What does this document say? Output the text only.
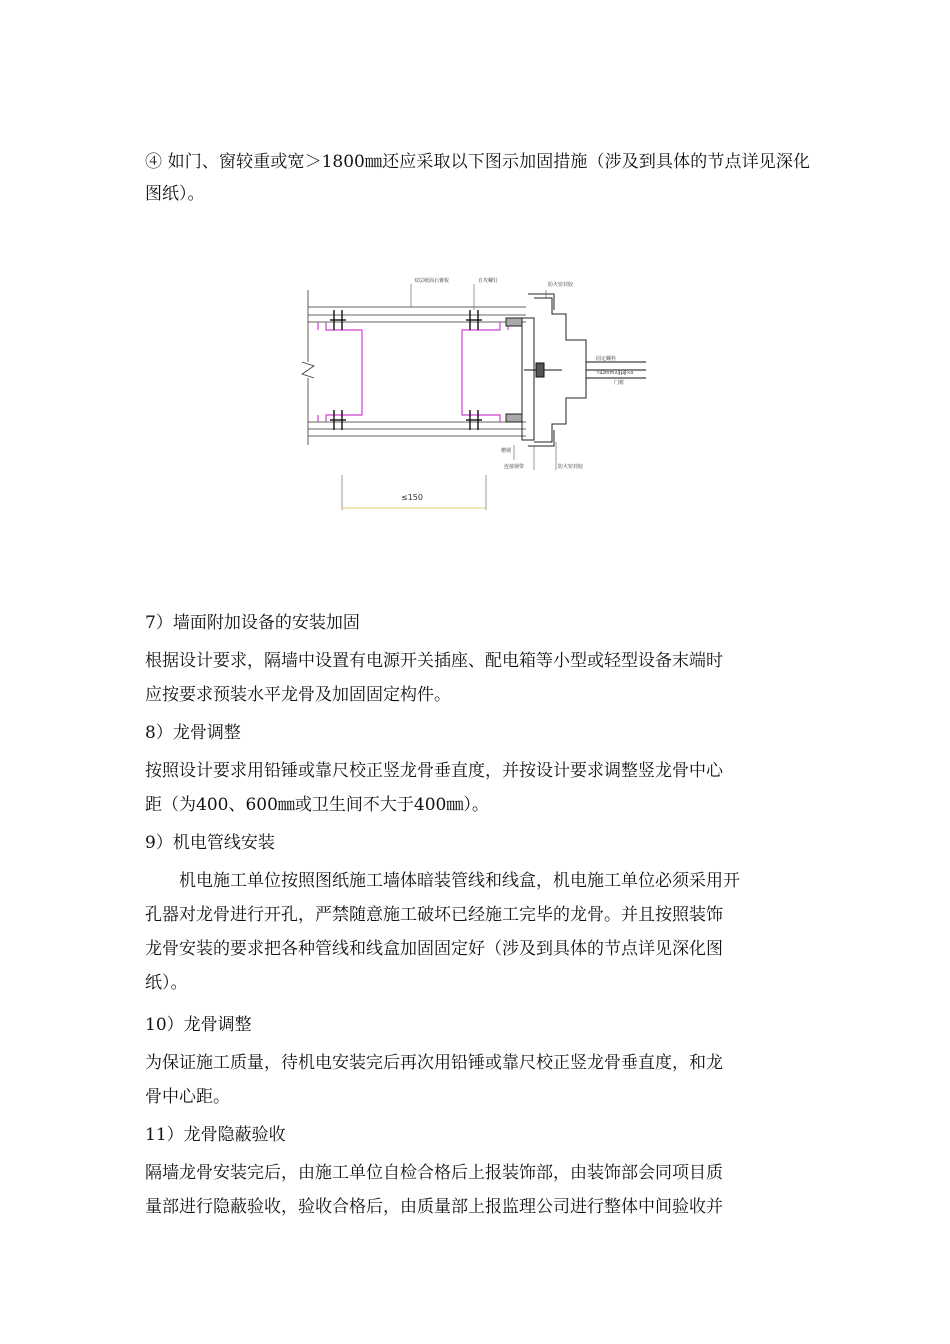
④ 如门、窗较重或宽＞1800㎜还应采取以下图示加固措施（涉及到具体的节点详见深化图纸）。

双层纸面石膏板	自攻螺钉
防火密封胶
固定螺栓
¼Ωmm∧∦μ∦∞ö
门框
槽钢
连接钢带	防火密封胶
≤150

7）墙面附加设备的安装加固

根据设计要求，隔墙中设置有电源开关插座、配电箱等小型或轻型设备末端时
应按要求预装水平龙骨及加固固定构件。

8）龙骨调整

按照设计要求用铅锤或靠尺校正竖龙骨垂直度，并按设计要求调整竖龙骨中心
距（为400、600㎜或卫生间不大于400㎜）。

9）机电管线安装

机电施工单位按照图纸施工墙体暗装管线和线盒，机电施工单位必须采用开
孔器对龙骨进行开孔，严禁随意施工破坏已经施工完毕的龙骨。并且按照装饰
龙骨安装的要求把各种管线和线盒加固固定好（涉及到具体的节点详见深化图
纸）。

10）龙骨调整

为保证施工质量，待机电安装完后再次用铅锤或靠尺校正竖龙骨垂直度，和龙
骨中心距。

11）龙骨隐蔽验收

隔墙龙骨安装完后，由施工单位自检合格后上报装饰部，由装饰部会同项目质
量部进行隐蔽验收，验收合格后，由质量部上报监理公司进行整体中间验收并
